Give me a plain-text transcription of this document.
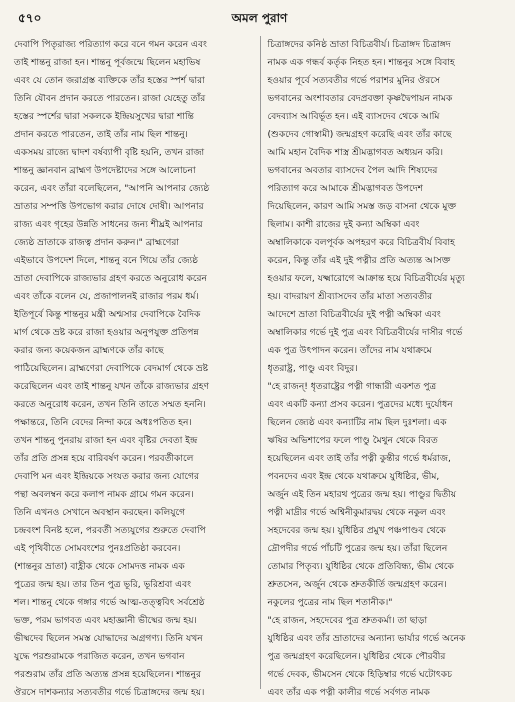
৫৭০	অমল পুরাণ
দেবাপি পিতৃরাজ্য পরিত্যাগ করে বনে গমন করেন এবং
তাই শান্তনু রাজা হন। শান্তনু পূর্বজন্মে ছিলেন মহাভিষ
এবং যে তোন জরাগ্রস্ত ব্যক্তিকে তাঁর হস্তের স্পর্শ দ্বারা
তিনি যৌবন প্রদান করতে পারতেন। রাজা যেহেতু তাঁর
হস্তের স্পর্শের দ্বারা সকলকে ইন্দ্রিয়সুখের দ্বারা শান্তি
প্রদান করতে পারতেন, তাই তাঁর নাম ছিল শান্তনু।
একসময় রাজ্যে দ্বাদশ বর্ষব্যাপী বৃষ্টি হয়নি, তখন রাজা
শান্তনু জ্ঞানবান ব্রাহ্মণ উপদেষ্টাদের সঙ্গে আলোচনা
করেন, এবং তাঁরা বলেছিলেন, "আপনি আপনার জ্যেষ্ঠ
ভ্রাতার সম্পত্তি উপভোগ করার দোষে দোষী। আপনার
রাজ্য এবং গৃহের উন্নতি সাধনের জন্য শীঘ্রই আপনার
জ্যেষ্ঠ ভ্রাতাকে রাজত্ব প্রদান করুন।" ব্রাহ্মণেরা
এইভাবে উপদেশ দিলে, শান্তনু বনে গিয়ে তাঁর জ্যেষ্ঠ
ভ্রাতা দেবাপিকে রাজ্যভার গ্রহণ করতে অনুরোধ করেন
এবং তাঁকে বলেন যে, প্রজাপালনই রাজার পরম ধর্ম।
ইতিপূর্বে কিন্তু শান্তনুর মন্ত্রী অশ্মসার দেবাপিকে বৈদিক
মার্গ থেকে ভ্রষ্ট করে রাজা হওয়ার অনুপযুক্ত প্রতিপন্ন
করার জন্য কয়েকজন ব্রাহ্মণকে তাঁর কাছে
পাঠিয়েছিলেন। ব্রাহ্মণেরা দেবাপিকে বেদমার্গ থেকে ভ্রষ্ট
করেছিলেন এবং তাই শান্তনু যখন তাঁকে রাজ্যভার গ্রহণ
করতে অনুরোধ করেন, তখন তিনি তাতে সম্মত হননি।
পক্ষান্তরে, তিনি বেদের নিন্দা করে অধঃপতিত হন।
তখন শান্তনু পুনরায় রাজা হন এবং বৃষ্টির দেবতা ইন্দ্র
তাঁর প্রতি প্রসন্ন হয়ে বারিবর্ষণ করেন। পরবর্তীকালে
দেবাপি মন এবং ইন্দ্রিয়কে সংযত করার জন্য যোগের
পন্থা অবলম্বন করে কলাপ নামক গ্রামে গমন করেন।
তিনি এখনও সেখানে অবস্থান করছেন। কলিযুগে
চন্দ্রবংশ বিনষ্ট হলে, পরবর্তী সত্যযুগের শুরুতে দেবাপি
এই পৃথিবীতে সোমবংশের পুনঃপ্রতিষ্ঠা করবেন।
(শান্তনুর ভ্রাতা) বাহ্লীক থেকে সোমদত্ত নামক এক
পুত্রের জন্ম হয়। তার তিন পুত্র ভূরি, ভূরিশ্রবা এবং
শল। শান্তনু থেকে গঙ্গার গর্ভে আত্ম-তত্ত্ববিৎ সর্বশ্রেষ্ঠ
ভক্ত, পরম ভাগবত এবং মহাজ্ঞানী ভীষ্মের জন্ম হয়।
ভীষ্মদেব ছিলেন সমস্ত যোদ্ধাদের অগ্রগণ্য। তিনি যখন
যুদ্ধে পরশুরামকে পরাজিত করেন, তখন ভগবান
পরশুরাম তাঁর প্রতি অত্যন্ত প্রসন্ন হয়েছিলেন। শান্তনুর
ঔরসে দাশকন্যার সত্যবতীর গর্ভে চিত্রাঙ্গদের জন্ম হয়।
চিত্রাঙ্গদের কনিষ্ঠ ভ্রাতা বিচিত্রবীর্য। চিত্রাঙ্গদ চিত্রাঙ্গদ
নামক এক গন্ধর্ব কর্তৃক নিহত হন। শান্তনুর সঙ্গে বিবাহ
হওয়ার পূর্বে সত্যবতীর গর্ভে পরাশর মুনির ঔরসে
ভগবানের অংশাবতার বেদপ্রবক্তা কৃষ্ণদ্বৈপায়ন নামক
বেদব্যাস আবির্ভূত হন। এই ব্যাসদেব থেকে আমি
(শুকদেব গোস্বামী) জন্মগ্রহণ করেছি এবং তাঁর কাছে
আমি মহান বৈদিক শাস্ত্র শ্রীমদ্ভাগবত অধ্যয়ন করি।
ভগবানের অবতার ব্যাসদেব পৈল আদি শিষ্যদের
পরিত্যাগ করে আমাকে শ্রীমদ্ভাগবত উপদেশ
দিয়েছিলেন, কারণ আমি সমস্ত জড় বাসনা থেকে মুক্ত
ছিলাম। কাশী রাজের দুই কন্যা অম্বিকা এবং
অম্বালিকাকে বলপূর্বক অপহরণ করে বিচিত্রবীর্য বিবাহ
করেন, কিন্তু তাঁর এই দুই পত্নীর প্রতি অত্যন্ত আসক্ত
হওয়ার ফলে, যক্ষ্মারোগে আক্রান্ত হয়ে বিচিত্রবীর্যের মৃত্যু
হয়। বাদরায়ণ শ্রীব্যাসদেব তাঁর মাতা সত্যবতীর
আদেশে ভ্রাতা বিচিত্রবীর্যের দুই পত্নী অম্বিকা এবং
অম্বালিকার গর্ভে দুই পুত্র এবং বিচিত্রবীর্যের দাসীর গর্ভে
এক পুত্র উৎপাদন করেন। তাঁদের নাম যথাক্রমে
ধৃতরাষ্ট্র, পাণ্ডু এবং বিদুর।
"হে রাজন্! ধৃতরাষ্ট্রের পত্নী গান্ধারী একশত পুত্র
এবং একটি কন্যা প্রসব করেন। পুত্রদের মধ্যে দুর্যোধন
ছিলেন জ্যেষ্ঠ এবং কন্যাটির নাম ছিল দুঃশলা। এক
ঋষির অভিশাপের ফলে পাণ্ডু মৈথুন থেকে বিরত
হয়েছিলেন এবং তাই তাঁর পত্নী কুন্তীর গর্ভে ধর্মরাজ,
পবনদেব এবং ইন্দ্র থেকে যথাক্রমে যুধিষ্ঠির, ভীম,
অর্জুন এই তিন মহারথ পুত্রের জন্ম হয়। পাণ্ডুর দ্বিতীয়
পত্নী মাদ্রীর গর্ভে অশ্বিনীকুমারদ্বয় থেকে নকুল এবং
সহদেবের জন্ম হয়। যুধিষ্ঠির প্রমুখ পঞ্চপাণ্ডব থেকে
দ্রৌপদীর গর্ভে পাঁচটি পুত্রের জন্ম হয়। তাঁরা ছিলেন
তোমার পিতৃব্য। যুধিষ্ঠির থেকে প্রতিবিন্ধ্য, ভীম থেকে
শ্রুতসেন, অর্জুন থেকে শ্রুতকীর্তি জন্মগ্রহণ করেন।
নকুলের পুত্রের নাম ছিল শতানীক।"
"হে রাজন, সহদেবের পুত্র শ্রুতকর্মা। তা ছাড়া
যুধিষ্ঠির এবং তাঁর ভ্রাতাদের অন্যান্য ভার্যার গর্ভে অনেক
পুত্র জন্মগ্রহণ করেছিলেন। যুধিষ্ঠির থেকে পৌরবীর
গর্ভে দেবক, ভীমসেন থেকে হিড়িম্বার গর্ভে ঘটোৎকচ
এবং তাঁর এক পত্নী কালীর গর্ভে সর্বগত নামক
